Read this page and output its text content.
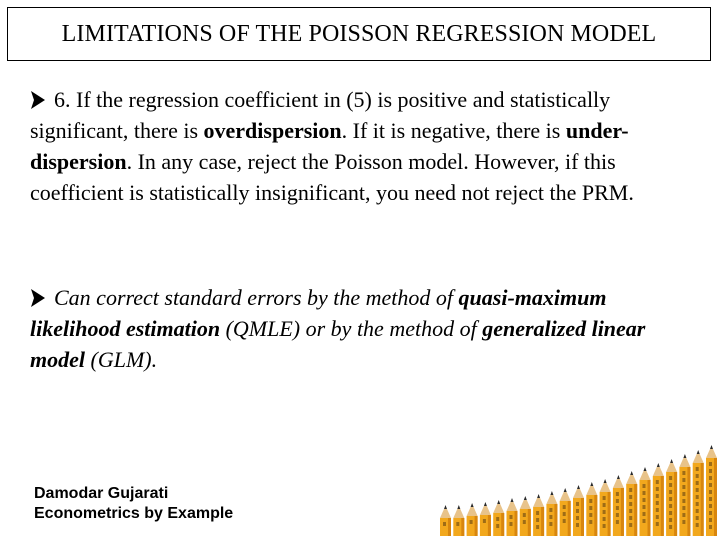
LIMITATIONS OF THE POISSON REGRESSION MODEL
6. If the regression coefficient in (5) is positive and statistically significant, there is overdispersion. If it is negative, there is under-dispersion. In any case, reject the Poisson model. However, if this coefficient is statistically insignificant, you need not reject the PRM.
Can correct standard errors by the method of quasi-maximum likelihood estimation (QMLE) or by the method of generalized linear model (GLM).
Damodar Gujarati
Econometrics by Example
